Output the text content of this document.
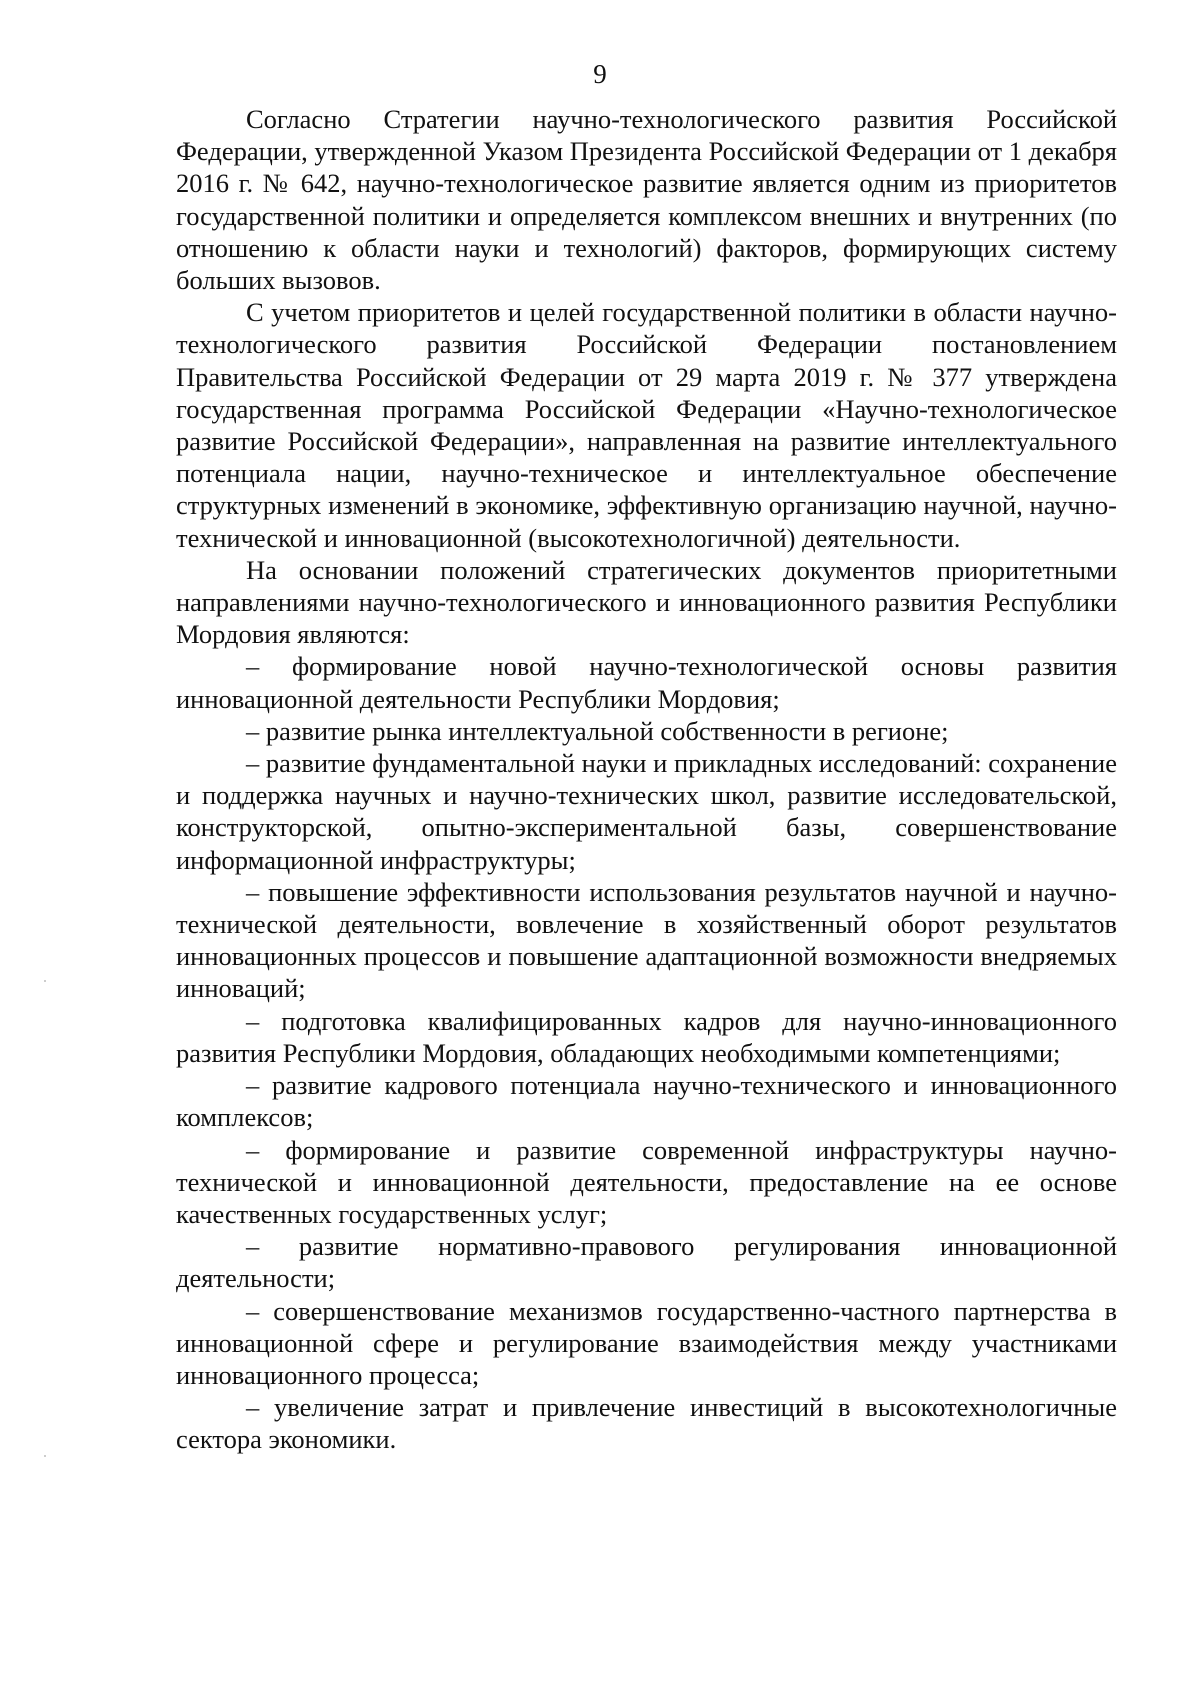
9

Согласно Стратегии научно-технологического развития Российской Федерации, утвержденной Указом Президента Российской Федерации от 1 декабря 2016 г. № 642, научно-технологическое развитие является одним из приоритетов государственной политики и определяется комплексом внешних и внутренних (по отношению к области науки и технологий) факторов, формирующих систему больших вызовов.

С учетом приоритетов и целей государственной политики в области научно-технологического развития Российской Федерации постановлением Правительства Российской Федерации от 29 марта 2019 г. № 377 утверждена государственная программа Российской Федерации «Научно-технологическое развитие Российской Федерации», направленная на развитие интеллектуального потенциала нации, научно-техническое и интеллектуальное обеспечение структурных изменений в экономике, эффективную организацию научной, научно-технической и инновационной (высокотехнологичной) деятельности.

На основании положений стратегических документов приоритетными направлениями научно-технологического и инновационного развития Республики Мордовия являются:

– формирование новой научно-технологической основы развития инновационной деятельности Республики Мордовия;

– развитие рынка интеллектуальной собственности в регионе;

– развитие фундаментальной науки и прикладных исследований: сохранение и поддержка научных и научно-технических школ, развитие исследовательской, конструкторской, опытно-экспериментальной базы, совершенствование информационной инфраструктуры;

– повышение эффективности использования результатов научной и научно-технической деятельности, вовлечение в хозяйственный оборот результатов инновационных процессов и повышение адаптационной возможности внедряемых инноваций;

– подготовка квалифицированных кадров для научно-инновационного развития Республики Мордовия, обладающих необходимыми компетенциями;

– развитие кадрового потенциала научно-технического и инновационного комплексов;

– формирование и развитие современной инфраструктуры научно-технической и инновационной деятельности, предоставление на ее основе качественных государственных услуг;

– развитие нормативно-правового регулирования инновационной деятельности;

– совершенствование механизмов государственно-частного партнерства в инновационной сфере и регулирование взаимодействия между участниками инновационного процесса;

– увеличение затрат и привлечение инвестиций в высокотехнологичные сектора экономики.
